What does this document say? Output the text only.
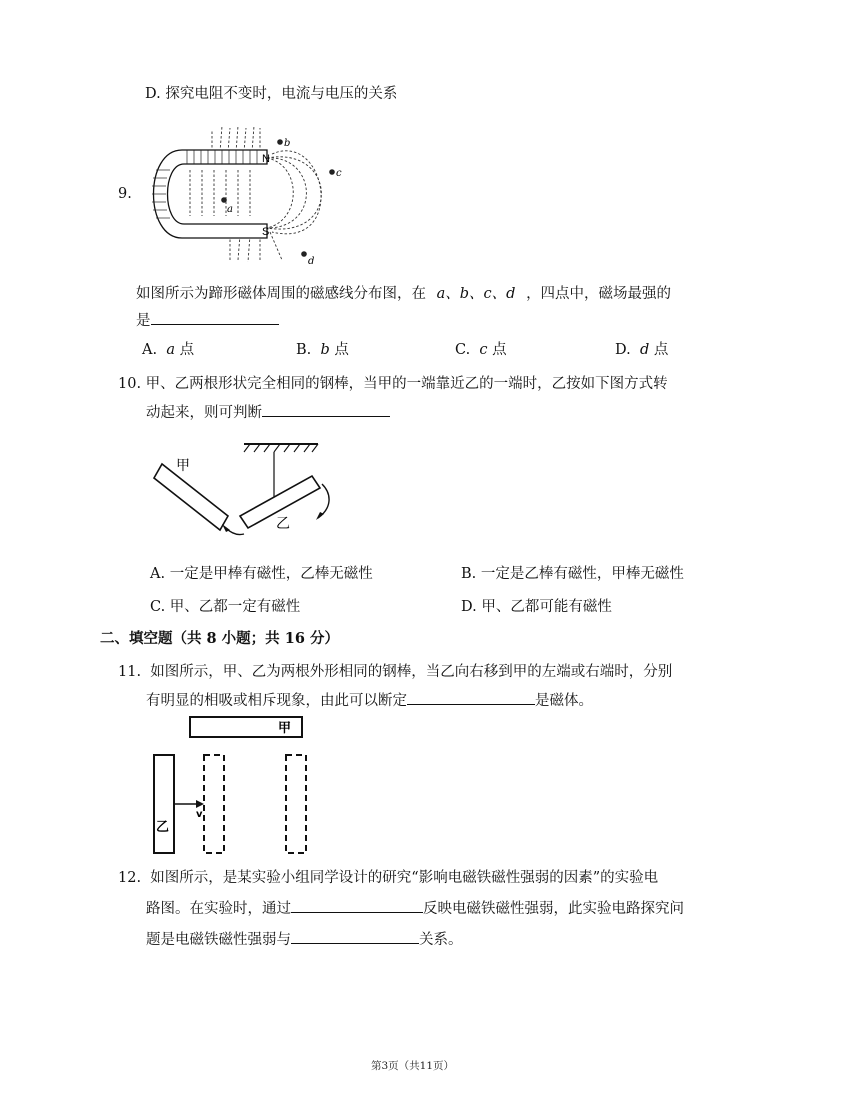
D. 探究电阻不变时，电流与电压的关系
9.
N
S
a
b
c
d
如图所示为蹄形磁体周围的磁感线分布图，在 a、b、c、d ，四点中，磁场最强的
是
A. a 点	B. b 点	C. c 点	D. d 点
10. 甲、乙两根形状完全相同的钢棒，当甲的一端靠近乙的一端时，乙按如下图方式转
动起来，则可判断
甲
乙
A. 一定是甲棒有磁性，乙棒无磁性	B. 一定是乙棒有磁性，甲棒无磁性
C. 甲、乙都一定有磁性	D. 甲、乙都可能有磁性
二、填空题（共 8 小题；共 16 分）
11. 如图所示，甲、乙为两根外形相同的钢棒，当乙向右移到甲的左端或右端时，分别
有明显的相吸或相斥现象，由此可以断定	是磁体。
甲
乙
v
12. 如图所示，是某实验小组同学设计的研究“影响电磁铁磁性强弱的因素”的实验电
路图。在实验时，通过	反映电磁铁磁性强弱，此实验电路探究问
题是电磁铁磁性强弱与	关系。
第3页（共11页）
